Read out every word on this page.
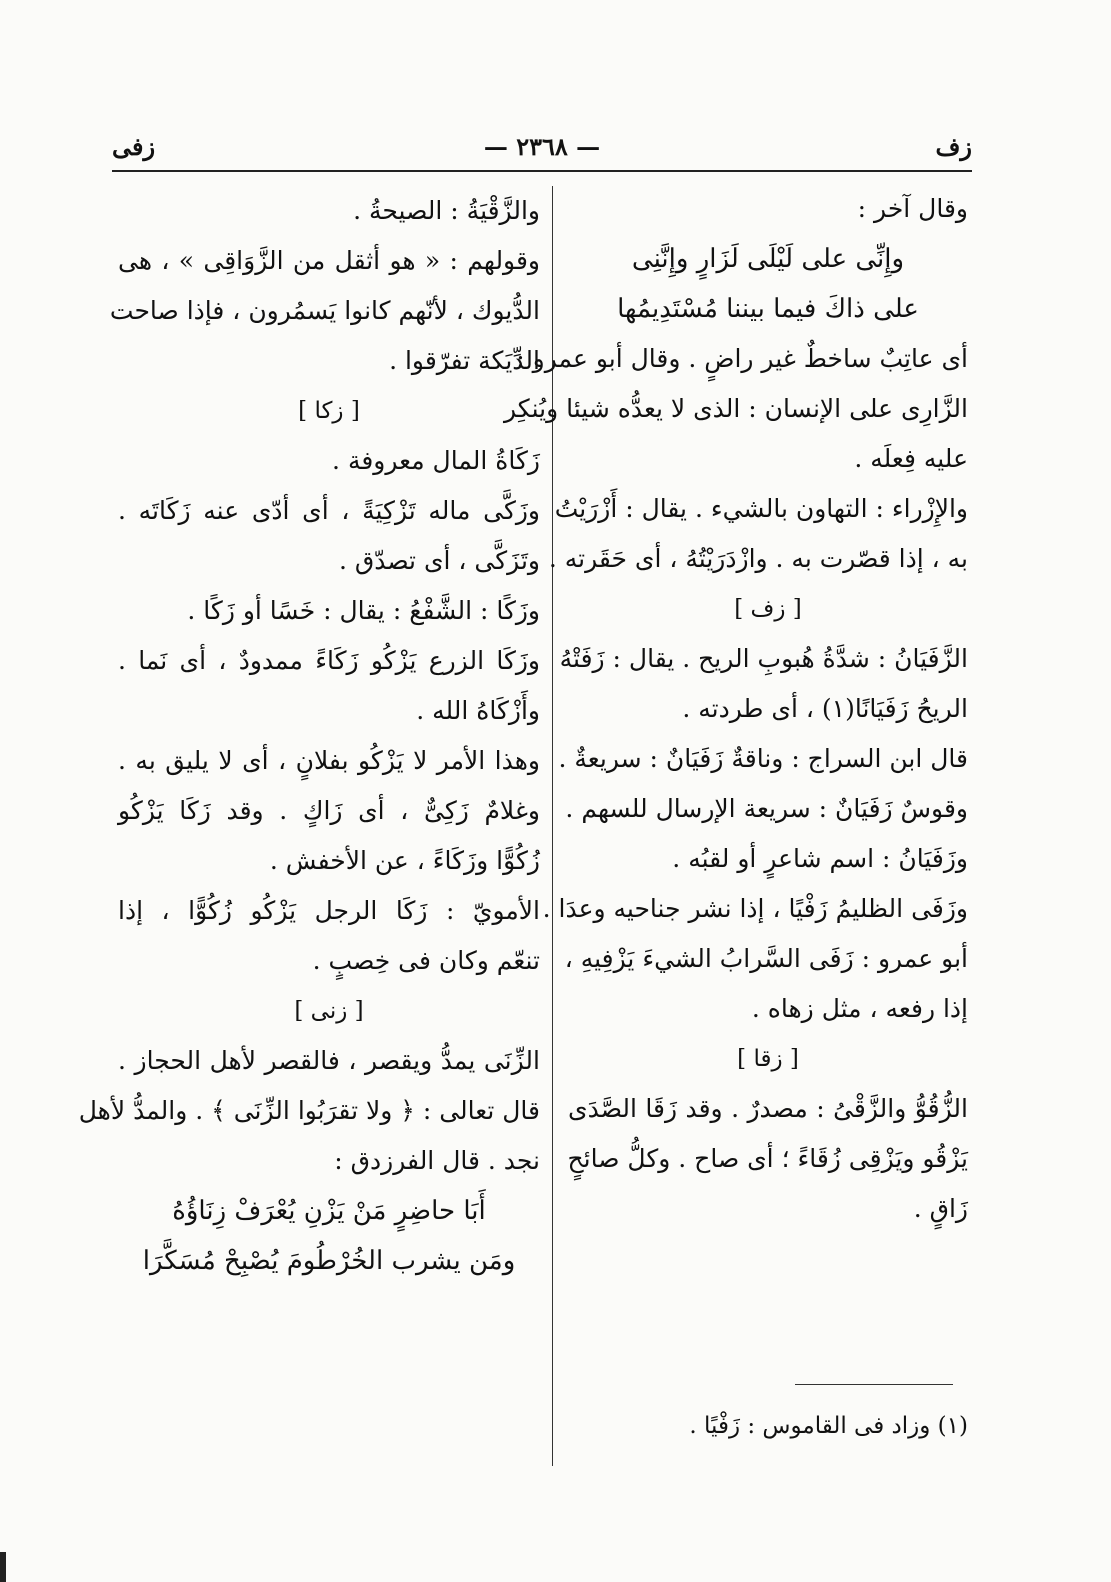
زف
— ٢٣٦٨ —
زفى
وقال آخر :
وإِنِّى على لَيْلَى لَزَارٍ وإِنَّنِى
على ذاكَ فيما بيننا مُسْتَدِيمُها
أى عاتِبٌ ساخطٌ غير راضٍ . وقال أبو عمرو :
الزَّارِى على الإنسان : الذى لا يعدُّه شيئا ويُنكِر
عليه فِعلَه .
والإِزْراء : التهاون بالشيء . يقال : أَزْرَيْتُ
به ، إذا قصّرت به . وازْدَرَيْتُهُ ، أى حَقَرته .
[ زف ]
الزَّفَيَانُ : شدَّةُ هُبوبِ الريح . يقال : زَفَتْهُ
الريحُ زَفَيَانًا(١) ، أى طردته .
قال ابن السراج : وناقةٌ زَفَيَانٌ : سريعةٌ .
وقوسٌ زَفَيَانٌ : سريعة الإرسال للسهم .
وزَفَيَانُ : اسم شاعرٍ أو لقبُه .
وزَفَى الظليمُ زَفْيًا ، إذا نشر جناحيه وعدَا .
أبو عمرو : زَفَى السَّرابُ الشيءَ يَزْفِيهِ ،
إذا رفعه ، مثل زهاه .
[ زقا ]
الزُّقُوُّ والزَّقْىُ : مصدرٌ . وقد زَقَا الصَّدَى
يَزْقُو ويَزْقِى زُقَاءً ؛ أى صاح . وكلُّ صائحٍ
زَاقٍ .
(١) وزاد فى القاموس : زَفْيًا .
والزَّقْيَةُ : الصيحةُ .
وقولهم : « هو أثقل من الزَّوَاقِى » ، هى
الدُّيوك ، لأنّهم كانوا يَسمُرون ، فإذا صاحت
الدِّيَكة تفرّقوا .
[ زكا ]
زَكَاةُ المال معروفة .
وزَكَّى ماله تَزْكِيَةً ، أى أدّى عنه زَكَاتَه .
وتَزَكَّى ، أى تصدّق .
وزَكًا : الشَّفْعُ : يقال : خَسًا أو زَكًا .
وزَكَا الزرع يَزْكُو زَكَاءً ممدودٌ ، أى نَما .
وأَزْكَاهُ الله .
وهذا الأمر لا يَزْكُو بفلانٍ ، أى لا يليق به .
وغلامٌ زَكِىٌّ ، أى زَاكٍ . وقد زَكَا يَزْكُو
زُكُوًّا وزَكَاءً ، عن الأخفش .
الأمويّ : زَكَا الرجل يَزْكُو زُكُوًّا ، إذا
تنعّم وكان فى خِصبٍ .
[ زنى ]
الزِّنَى يمدُّ ويقصر ، فالقصر لأهل الحجاز .
قال تعالى : ﴿ ولا تقرَبُوا الزِّنَى ﴾ . والمدُّ لأهل
نجد . قال الفرزدق :
أَبَا حاضِرٍ مَنْ يَزْنِ يُعْرَفْ زِنَاؤُهُ
ومَن يشرب الخُرْطُومَ يُصْبِحْ مُسَكَّرَا
